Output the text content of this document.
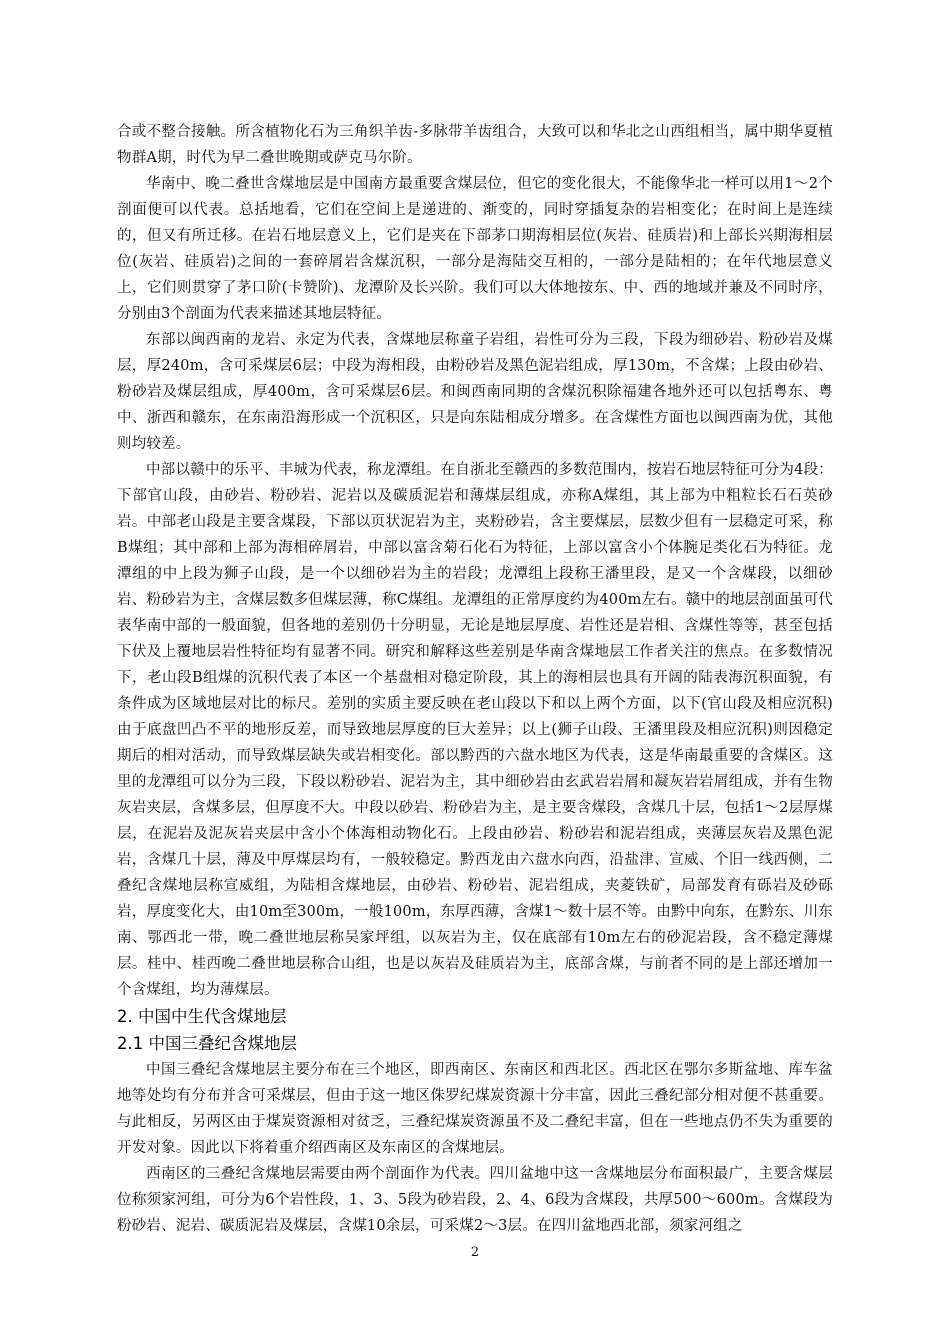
合或不整合接触。所含植物化石为三角织羊齿-多脉带羊齿组合，大致可以和华北之山西组相当，属中期华夏植物群A期，时代为早二叠世晚期或萨克马尔阶。

华南中、晚二叠世含煤地层是中国南方最重要含煤层位，但它的变化很大，不能像华北一样可以用1～2个剖面便可以代表。总括地看，它们在空间上是递进的、渐变的，同时穿插复杂的岩相变化；在时间上是连续的，但又有所迁移。在岩石地层意义上，它们是夹在下部茅口期海相层位(灰岩、硅质岩)和上部长兴期海相层位(灰岩、硅质岩)之间的一套碎屑岩含煤沉积，一部分是海陆交互相的，一部分是陆相的；在年代地层意义上，它们则贯穿了茅口阶(卡赞阶)、龙潭阶及长兴阶。我们可以大体地按东、中、西的地域并兼及不同时序，分别由3个剖面为代表来描述其地层特征。

东部以闽西南的龙岩、永定为代表，含煤地层称童子岩组，岩性可分为三段，下段为细砂岩、粉砂岩及煤层，厚240m，含可采煤层6层；中段为海相段，由粉砂岩及黑色泥岩组成，厚130m，不含煤；上段由砂岩、粉砂岩及煤层组成，厚400m，含可采煤层6层。和闽西南同期的含煤沉积除福建各地外还可以包括粤东、粤中、浙西和赣东，在东南沿海形成一个沉积区，只是向东陆相成分增多。在含煤性方面也以闽西南为优，其他则均较差。

中部以赣中的乐平、丰城为代表，称龙潭组。在自浙北至赣西的多数范围内，按岩石地层特征可分为4段：下部官山段，由砂岩、粉砂岩、泥岩以及碳质泥岩和薄煤层组成，亦称A煤组，其上部为中粗粒长石石英砂岩。中部老山段是主要含煤段，下部以页状泥岩为主，夹粉砂岩，含主要煤层，层数少但有一层稳定可采，称B煤组；其中部和上部为海相碎屑岩，中部以富含菊石化石为特征，上部以富含小个体腕足类化石为特征。龙潭组的中上段为狮子山段，是一个以细砂岩为主的岩段；龙潭组上段称王潘里段，是又一个含煤段，以细砂岩、粉砂岩为主，含煤层数多但煤层薄，称C煤组。龙潭组的正常厚度约为400m左右。赣中的地层剖面虽可代表华南中部的一般面貌，但各地的差别仍十分明显，无论是地层厚度、岩性还是岩相、含煤性等等，甚至包括下伏及上覆地层岩性特征均有显著不同。研究和解释这些差别是华南含煤地层工作者关注的焦点。在多数情况下，老山段B组煤的沉积代表了本区一个基盘相对稳定阶段，其上的海相层也具有开阔的陆表海沉积面貌，有条件成为区域地层对比的标尺。差别的实质主要反映在老山段以下和以上两个方面，以下(官山段及相应沉积)由于底盘凹凸不平的地形反差，而导致地层厚度的巨大差异；以上(狮子山段、王潘里段及相应沉积)则因稳定期后的相对活动，而导致煤层缺失或岩相变化。部以黔西的六盘水地区为代表，这是华南最重要的含煤区。这里的龙潭组可以分为三段，下段以粉砂岩、泥岩为主，其中细砂岩由玄武岩岩屑和凝灰岩岩屑组成，并有生物灰岩夹层，含煤多层，但厚度不大。中段以砂岩、粉砂岩为主，是主要含煤段，含煤几十层，包括1～2层厚煤层，在泥岩及泥灰岩夹层中含小个体海相动物化石。上段由砂岩、粉砂岩和泥岩组成，夹薄层灰岩及黑色泥岩，含煤几十层，薄及中厚煤层均有，一般较稳定。黔西龙由六盘水向西，沿盐津、宣威、个旧一线西侧，二叠纪含煤地层称宣威组，为陆相含煤地层，由砂岩、粉砂岩、泥岩组成，夹菱铁矿，局部发育有砾岩及砂砾岩，厚度变化大，由10m至300m，一般100m，东厚西薄，含煤1～数十层不等。由黔中向东，在黔东、川东南、鄂西北一带，晚二叠世地层称吴家坪组，以灰岩为主，仅在底部有10m左右的砂泥岩段，含不稳定薄煤层。桂中、桂西晚二叠世地层称合山组，也是以灰岩及硅质岩为主，底部含煤，与前者不同的是上部还增加一个含煤组，均为薄煤层。

2. 中国中生代含煤地层
2.1 中国三叠纪含煤地层

中国三叠纪含煤地层主要分布在三个地区，即西南区、东南区和西北区。西北区在鄂尔多斯盆地、库车盆地等处均有分布并含可采煤层，但由于这一地区侏罗纪煤炭资源十分丰富，因此三叠纪部分相对便不甚重要。与此相反，另两区由于煤炭资源相对贫乏，三叠纪煤炭资源虽不及二叠纪丰富，但在一些地点仍不失为重要的开发对象。因此以下将着重介绍西南区及东南区的含煤地层。

西南区的三叠纪含煤地层需要由两个剖面作为代表。四川盆地中这一含煤地层分布面积最广，主要含煤层位称须家河组，可分为6个岩性段，1、3、5段为砂岩段，2、4、6段为含煤段，共厚500～600m。含煤段为粉砂岩、泥岩、碳质泥岩及煤层，含煤10余层，可采煤2～3层。在四川盆地西北部，须家河组之

2
